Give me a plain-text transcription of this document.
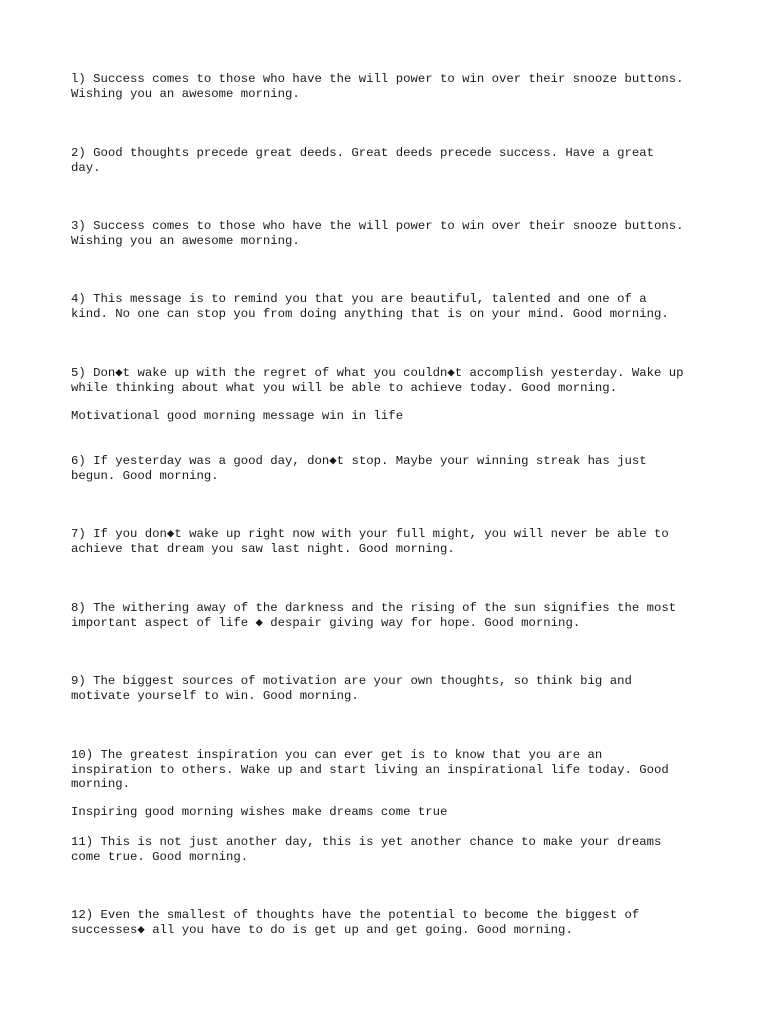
l) Success comes to those who have the will power to win over their snooze buttons.
Wishing you an awesome morning.

2) Good thoughts precede great deeds. Great deeds precede success. Have a great
day.

3) Success comes to those who have the will power to win over their snooze buttons.
Wishing you an awesome morning.

4) This message is to remind you that you are beautiful, talented and one of a
kind. No one can stop you from doing anything that is on your mind. Good morning.

5) Don◆t wake up with the regret of what you couldn◆t accomplish yesterday. Wake up
while thinking about what you will be able to achieve today. Good morning.

Motivational good morning message win in life

6) If yesterday was a good day, don◆t stop. Maybe your winning streak has just
begun. Good morning.

7) If you don◆t wake up right now with your full might, you will never be able to
achieve that dream you saw last night. Good morning.

8) The withering away of the darkness and the rising of the sun signifies the most
important aspect of life ◆ despair giving way for hope. Good morning.

9) The biggest sources of motivation are your own thoughts, so think big and
motivate yourself to win. Good morning.

10) The greatest inspiration you can ever get is to know that you are an
inspiration to others. Wake up and start living an inspirational life today. Good
morning.

Inspiring good morning wishes make dreams come true

11) This is not just another day, this is yet another chance to make your dreams
come true. Good morning.

12) Even the smallest of thoughts have the potential to become the biggest of
successes◆ all you have to do is get up and get going. Good morning.
